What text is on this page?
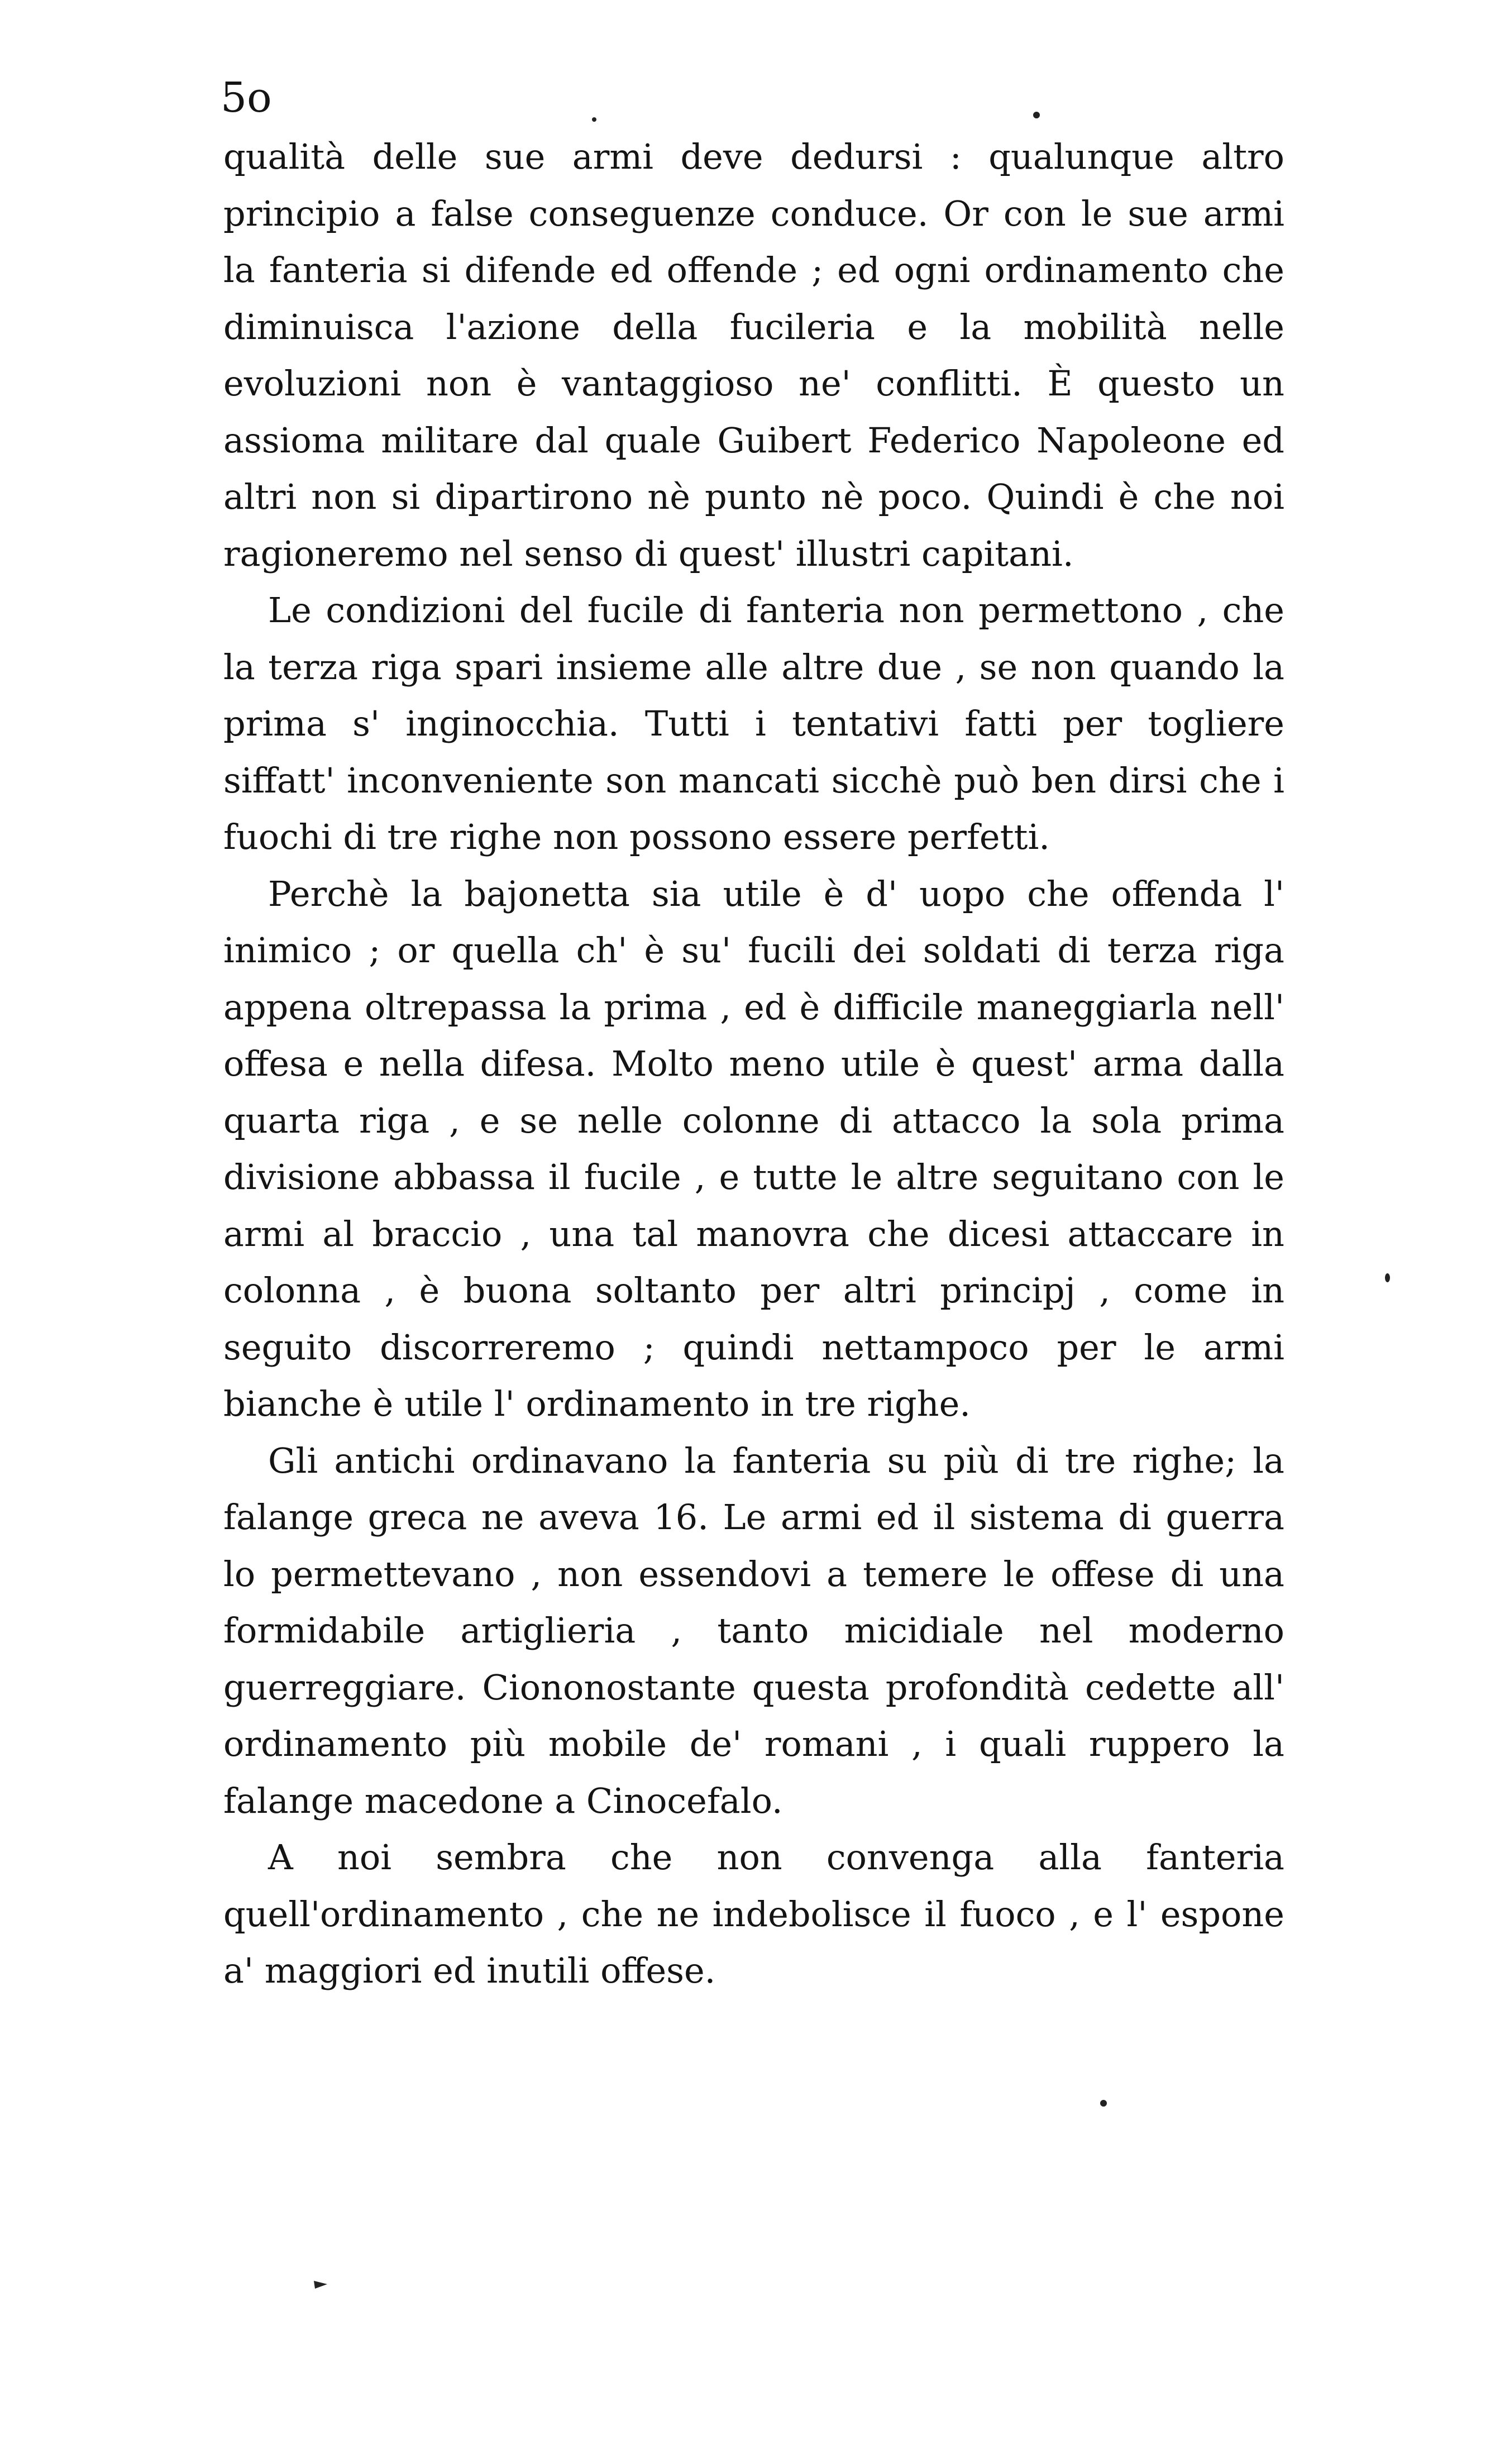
5o

qualità delle sue armi deve dedursi : qualunque altro principio a false conseguenze conduce. Or con le sue armi la fanteria si difende ed offende ; ed ogni ordinamento che diminuisca l'azione della fucileria e la mobilità nelle evoluzioni non è vantaggioso ne' conflitti. È questo un assioma militare dal quale Guibert Federico Napoleone ed altri non si dipartirono nè punto nè poco. Quindi è che noi ragioneremo nel senso di quest' illustri capitani.

Le condizioni del fucile di fanteria non permettono , che la terza riga spari insieme alle altre due , se non quando la prima s' inginocchia. Tutti i tentativi fatti per togliere siffatt' inconveniente son mancati sicchè può ben dirsi che i fuochi di tre righe non possono essere perfetti.

Perchè la bajonetta sia utile è d' uopo che offenda l' inimico ; or quella ch' è su' fucili dei soldati di terza riga appena oltrepassa la prima , ed è difficile maneggiarla nell' offesa e nella difesa. Molto meno utile è quest' arma dalla quarta riga , e se nelle colonne di attacco la sola prima divisione abbassa il fucile , e tutte le altre seguitano con le armi al braccio , una tal manovra che dicesi attaccare in colonna , è buona soltanto per altri principj , come in seguito discorreremo ; quindi nettampoco per le armi bianche è utile l' ordinamento in tre righe.

Gli antichi ordinavano la fanteria su più di tre righe; la falange greca ne aveva 16. Le armi ed il sistema di guerra lo permettevano , non essendovi a temere le offese di una formidabile artiglieria , tanto micidiale nel moderno guerreggiare. Ciononostante questa profondità cedette all' ordinamento più mobile de' romani , i quali ruppero la falange macedone a Cinocefalo.

A noi sembra che non convenga alla fanteria quell'ordinamento , che ne indebolisce il fuoco , e l' espone a' maggiori ed inutili offese.
